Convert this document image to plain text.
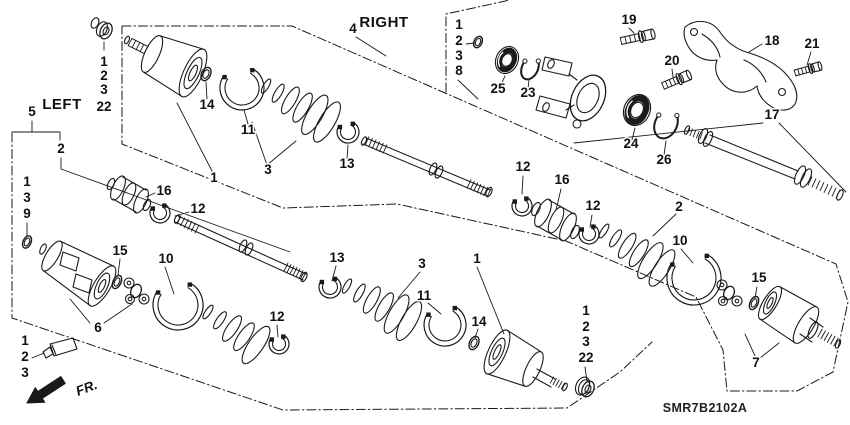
LEFT
RIGHT
FR.
SMR7B2102A
1
2
3
22	14
11
1
3	13
5
2
1
3
9
16
12
15
10
6
12
13	3
11
1
14
1
2
3
22
1
2
3
4	1
2
3
8
25 23
19
20
18 21
24
26
17
12
16
12	2
10
15
7
